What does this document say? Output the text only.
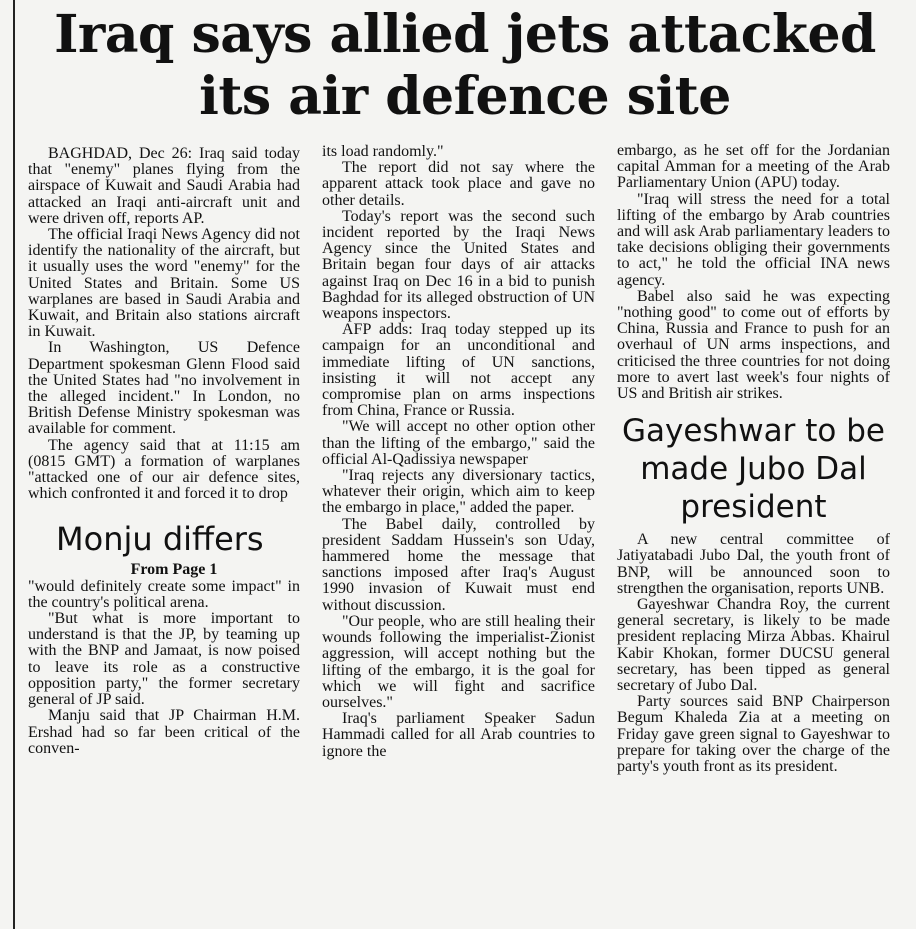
Iraq says allied jets attacked
its air defence site

BAGHDAD, Dec 26: Iraq said today that "enemy" planes flying from the airspace of Kuwait and Saudi Arabia had attacked an Iraqi anti-aircraft unit and were driven off, reports AP.

The official Iraqi News Agency did not identify the nationality of the aircraft, but it usually uses the word "enemy" for the United States and Britain. Some US warplanes are based in Saudi Arabia and Kuwait, and Britain also stations aircraft in Kuwait.

In Washington, US Defence Department spokesman Glenn Flood said the United States had "no involvement in the alleged incident." In London, no British Defense Ministry spokesman was available for comment.

The agency said that at 11:15 am (0815 GMT) a formation of warplanes "attacked one of our air defence sites, which confronted it and forced it to drop

Monju differs

From Page 1

"would definitely create some impact" in the country's political arena.

"But what is more important to understand is that the JP, by teaming up with the BNP and Jamaat, is now poised to leave its role as a constructive opposition party," the former secretary general of JP said.

Manju said that JP Chairman H.M. Ershad had so far been critical of the conven-

its load randomly."

The report did not say where the apparent attack took place and gave no other details.

Today's report was the second such incident reported by the Iraqi News Agency since the United States and Britain began four days of air attacks against Iraq on Dec 16 in a bid to punish Baghdad for its alleged obstruction of UN weapons inspectors.

AFP adds: Iraq today stepped up its campaign for an unconditional and immediate lifting of UN sanctions, insisting it will not accept any compromise plan on arms inspections from China, France or Russia.

"We will accept no other option other than the lifting of the embargo," said the official Al-Qadissiya newspaper

"Iraq rejects any diversionary tactics, whatever their origin, which aim to keep the embargo in place," added the paper.

The Babel daily, controlled by president Saddam Hussein's son Uday, hammered home the message that sanctions imposed after Iraq's August 1990 invasion of Kuwait must end without discussion.

"Our people, who are still healing their wounds following the imperialist-Zionist aggression, will accept nothing but the lifting of the embargo, it is the goal for which we will fight and sacrifice ourselves."

Iraq's parliament Speaker Sadun Hammadi called for all Arab countries to ignore the

embargo, as he set off for the Jordanian capital Amman for a meeting of the Arab Parliamentary Union (APU) today.

"Iraq will stress the need for a total lifting of the embargo by Arab countries and will ask Arab parliamentary leaders to take decisions obliging their governments to act," he told the official INA news agency.

Babel also said he was expecting "nothing good" to come out of efforts by China, Russia and France to push for an overhaul of UN arms inspections, and criticised the three countries for not doing more to avert last week's four nights of US and British air strikes.

Gayeshwar to be made Jubo Dal president

A new central committee of Jatiyatabadi Jubo Dal, the youth front of BNP, will be announced soon to strengthen the organisation, reports UNB.

Gayeshwar Chandra Roy, the current general secretary, is likely to be made president replacing Mirza Abbas. Khairul Kabir Khokan, former DUCSU general secretary, has been tipped as general secretary of Jubo Dal.

Party sources said BNP Chairperson Begum Khaleda Zia at a meeting on Friday gave green signal to Gayeshwar to prepare for taking over the charge of the party's youth front as its president.
